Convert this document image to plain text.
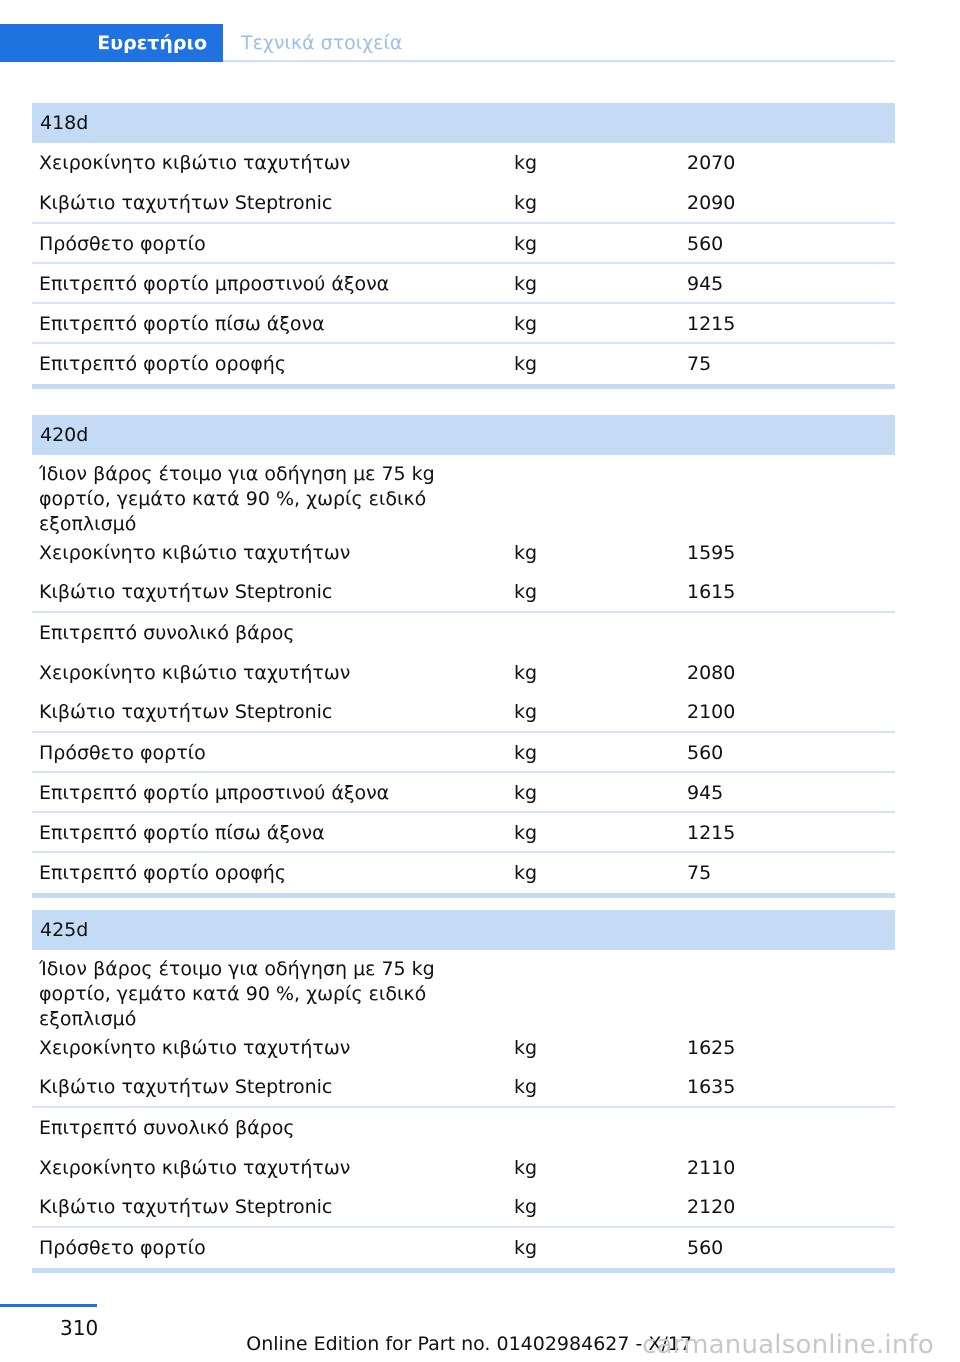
Ευρετήριο	Τεχνικά στοιχεία
418d
Χειροκίνητο κιβώτιο ταχυτήτων	kg	2070
Κιβώτιο ταχυτήτων Steptronic	kg	2090
Πρόσθετο φορτίο	kg	560
Επιτρεπτό φορτίο μπροστινού άξονα	kg	945
Επιτρεπτό φορτίο πίσω άξονα	kg	1215
Επιτρεπτό φορτίο οροφής	kg	75
420d
Ίδιον βάρος έτοιμο για οδήγηση με 75 kg φορτίο, γεμάτο κατά 90 %, χωρίς ειδικό εξοπλισμό
Χειροκίνητο κιβώτιο ταχυτήτων	kg	1595
Κιβώτιο ταχυτήτων Steptronic	kg	1615
Επιτρεπτό συνολικό βάρος
Χειροκίνητο κιβώτιο ταχυτήτων	kg	2080
Κιβώτιο ταχυτήτων Steptronic	kg	2100
Πρόσθετο φορτίο	kg	560
Επιτρεπτό φορτίο μπροστινού άξονα	kg	945
Επιτρεπτό φορτίο πίσω άξονα	kg	1215
Επιτρεπτό φορτίο οροφής	kg	75
425d
Ίδιον βάρος έτοιμο για οδήγηση με 75 kg φορτίο, γεμάτο κατά 90 %, χωρίς ειδικό εξοπλισμό
Χειροκίνητο κιβώτιο ταχυτήτων	kg	1625
Κιβώτιο ταχυτήτων Steptronic	kg	1635
Επιτρεπτό συνολικό βάρος
Χειροκίνητο κιβώτιο ταχυτήτων	kg	2110
Κιβώτιο ταχυτήτων Steptronic	kg	2120
Πρόσθετο φορτίο	kg	560
310
Online Edition for Part no. 01402984627 - X/17
carmanualsonline.info
